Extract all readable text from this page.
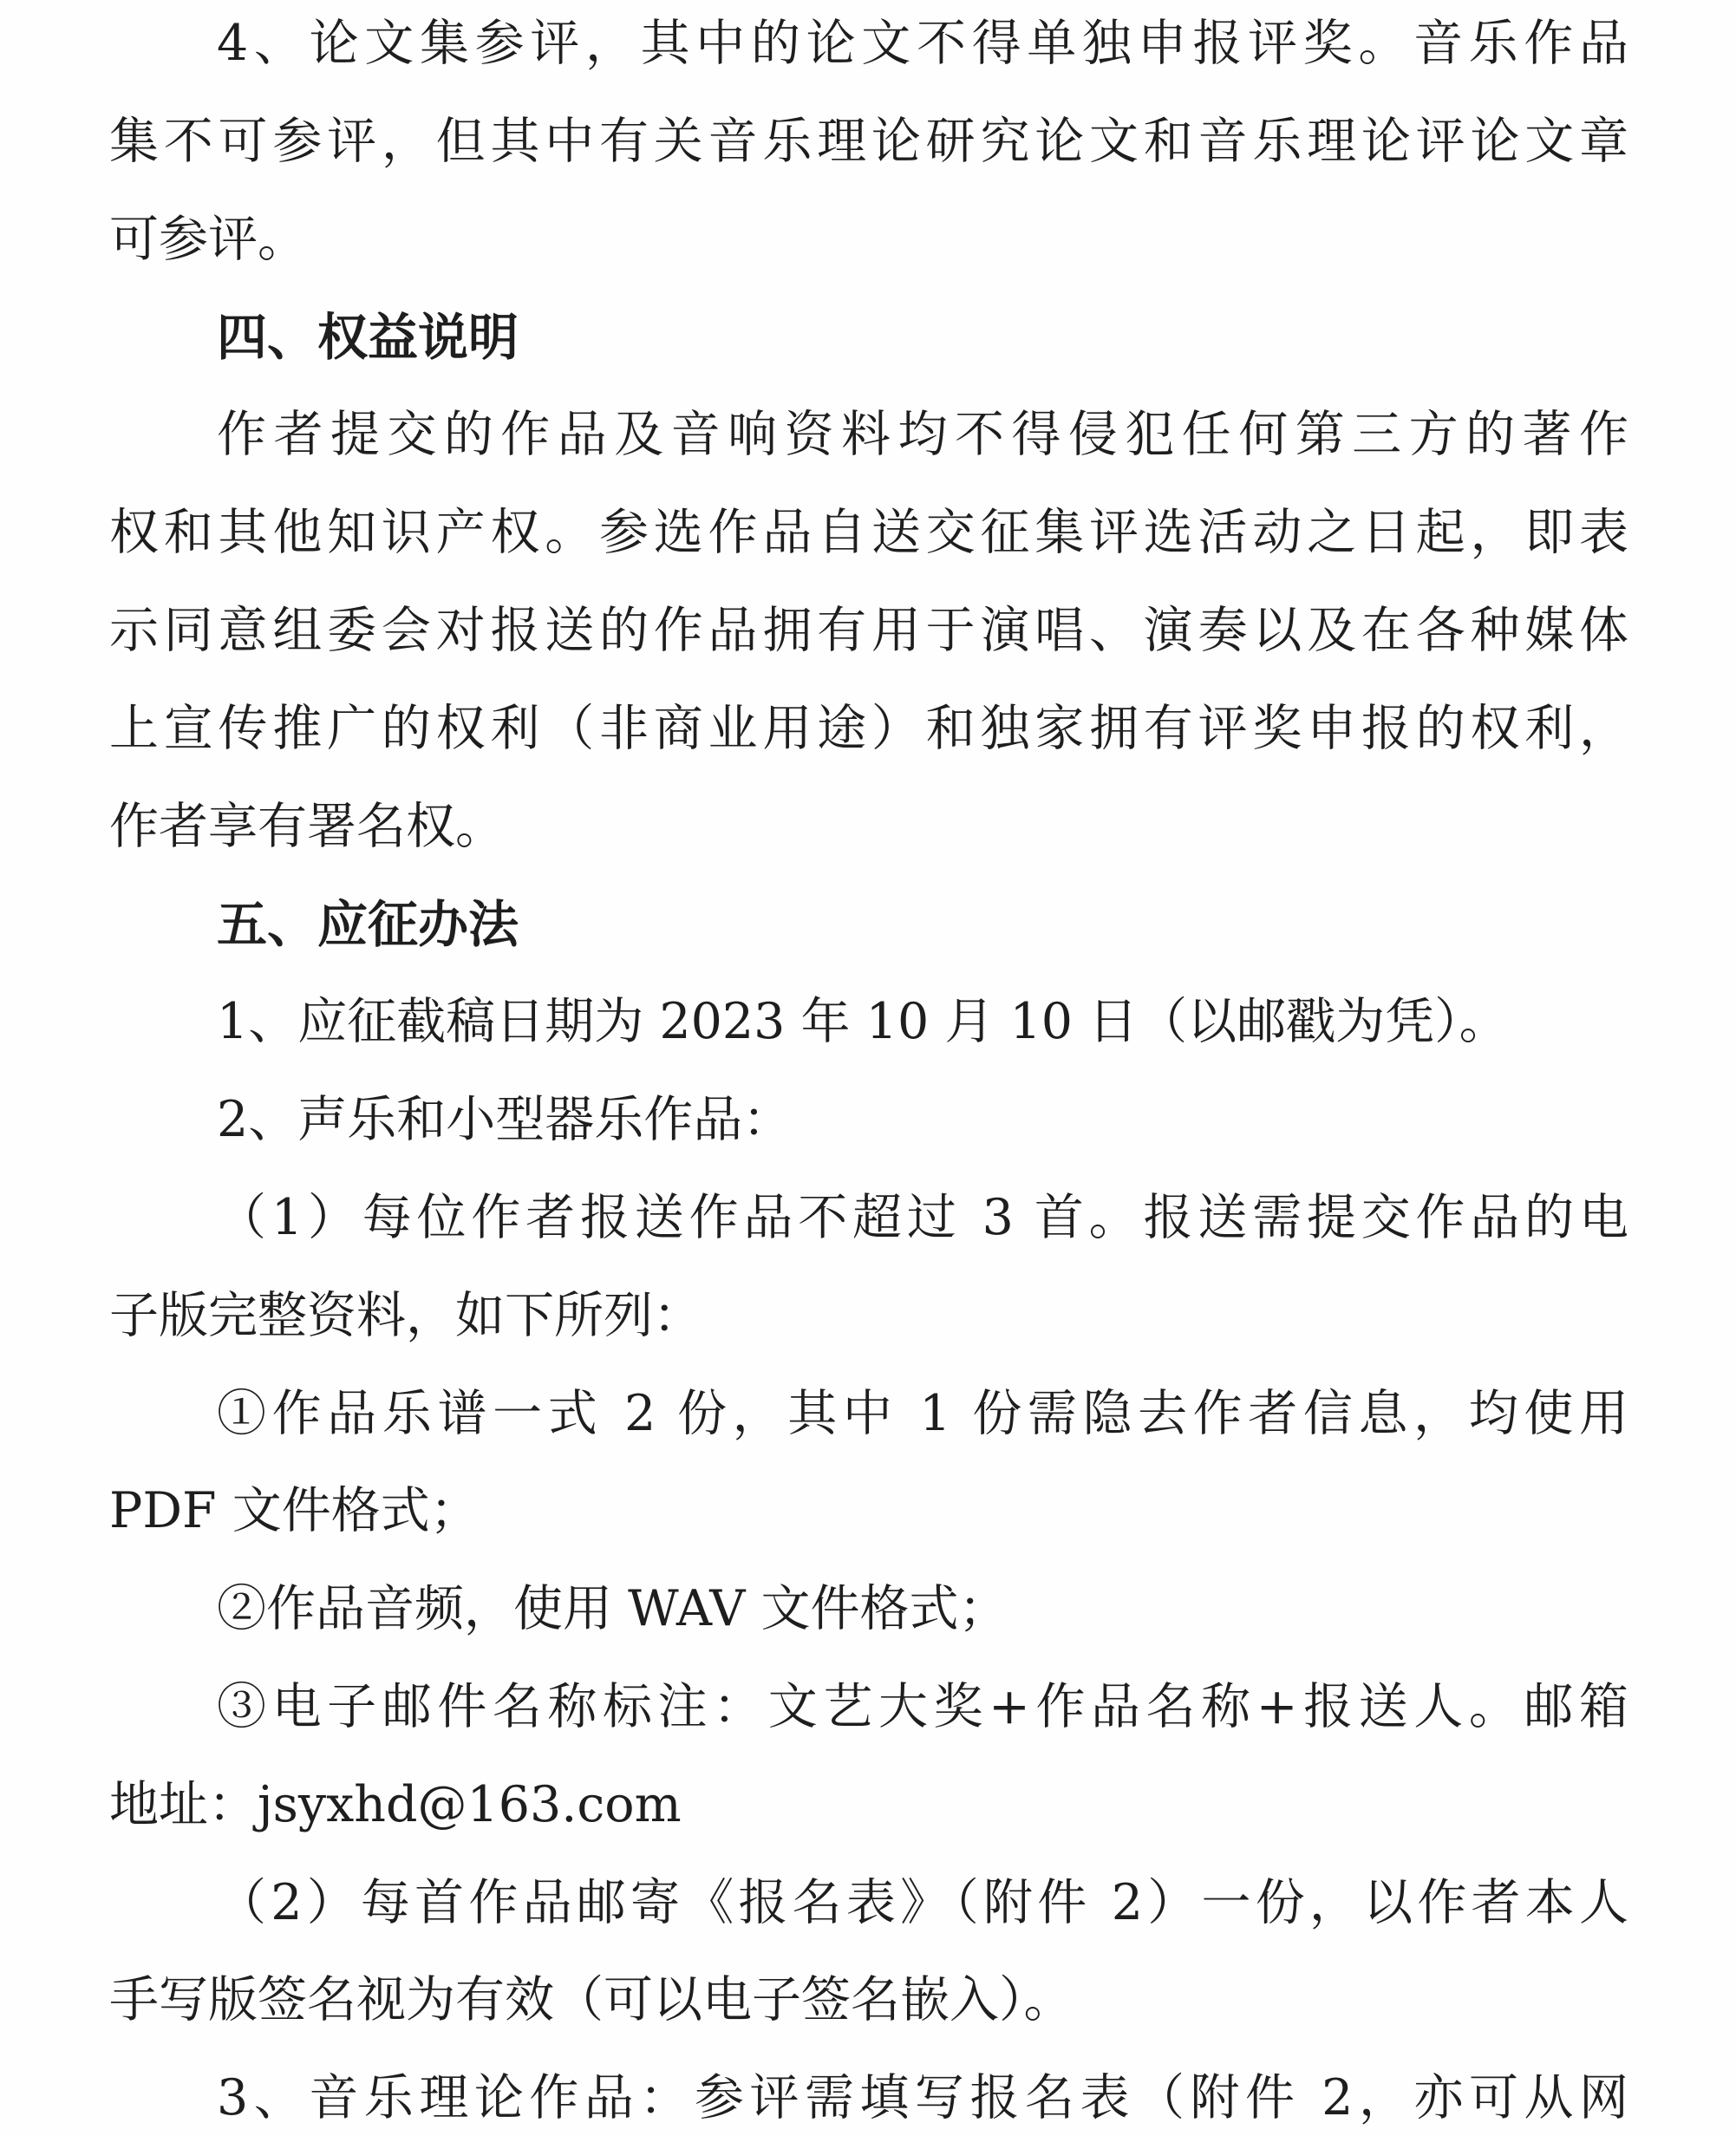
4、论文集参评，其中的论文不得单独申报评奖。音乐作品
集不可参评，但其中有关音乐理论研究论文和音乐理论评论文章
可参评。
四、权益说明
作者提交的作品及音响资料均不得侵犯任何第三方的著作
权和其他知识产权。参选作品自送交征集评选活动之日起，即表
示同意组委会对报送的作品拥有用于演唱、演奏以及在各种媒体
上宣传推广的权利（非商业用途）和独家拥有评奖申报的权利，
作者享有署名权。
五、应征办法
1、应征截稿日期为 2023 年 10 月 10 日（以邮戳为凭）。
2、声乐和小型器乐作品：
（1）每位作者报送作品不超过 3 首。报送需提交作品的电
子版完整资料，如下所列：
①作品乐谱一式 2 份，其中 1 份需隐去作者信息，均使用
PDF 文件格式；
②作品音频，使用 WAV 文件格式；
③电子邮件名称标注：文艺大奖+作品名称+报送人。邮箱
地址：jsyxhd@163.com
（2）每首作品邮寄《报名表》（附件 2）一份，以作者本人
手写版签名视为有效（可以电子签名嵌入）。
3、音乐理论作品：参评需填写报名表（附件 2，亦可从网
